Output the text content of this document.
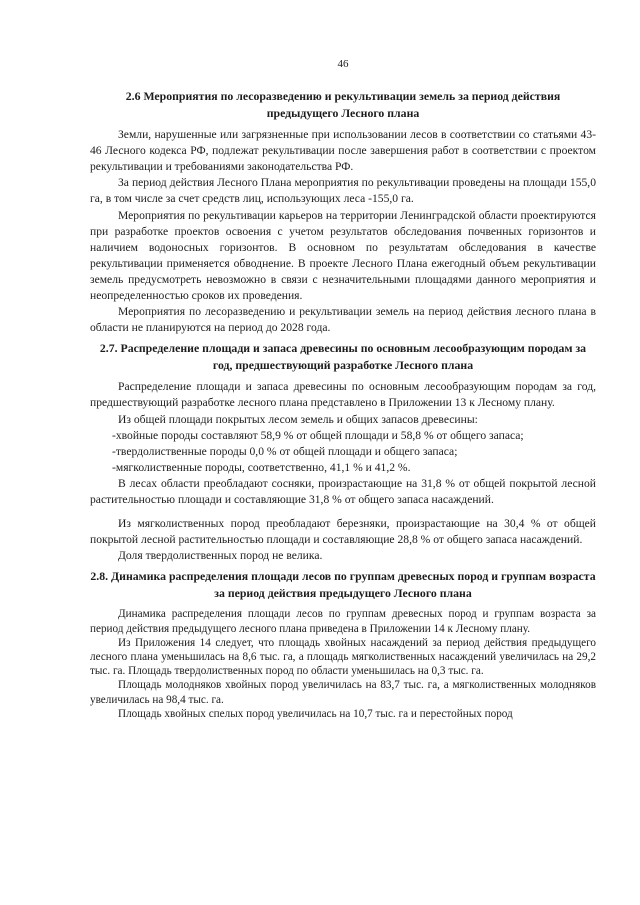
46
2.6 Мероприятия по лесоразведению и рекультивации земель за период действия предыдущего Лесного плана

Земли, нарушенные или загрязненные при использовании лесов в соответствии со статьями 43-46 Лесного кодекса РФ, подлежат рекультивации после завершения работ в соответствии с проектом рекультивации и требованиями законодательства РФ.

За период действия Лесного Плана мероприятия по рекультивации проведены на площади 155,0 га, в том числе за счет средств лиц, использующих леса -155,0 га.

Мероприятия по рекультивации карьеров на территории Ленинградской области проектируются при разработке проектов освоения с учетом результатов обследования почвенных горизонтов и наличием водоносных горизонтов. В основном по результатам обследования в качестве рекультивации применяется обводнение. В проекте Лесного Плана ежегодный объем рекультивации земель предусмотреть невозможно в связи с незначительными площадями данного мероприятия и неопределенностью сроков их проведения.

Мероприятия по лесоразведению и рекультивации земель на период действия лесного плана в области не планируются на период до 2028 года.

2.7. Распределение площади и запаса древесины по основным лесообразующим породам за год, предшествующий разработке Лесного плана

Распределение площади и запаса древесины по основным лесообразующим породам за год, предшествующий разработке лесного плана представлено в Приложении 13 к Лесному плану.

Из общей площади покрытых лесом земель и общих запасов древесины:

-хвойные породы составляют 58,9 % от общей площади и 58,8 % от общего запаса;

-твердолиственные породы 0,0 % от общей площади и общего запаса;

-мягколиственные породы, соответственно, 41,1 % и 41,2 %.

В лесах области преобладают сосняки, произрастающие на 31,8 % от общей покрытой лесной растительностью площади и составляющие 31,8 % от общего запаса насаждений.

Из мягколиственных пород преобладают березняки, произрастающие на 30,4 % от общей покрытой лесной растительностью площади и составляющие 28,8 % от общего запаса насаждений.

Доля твердолиственных пород не велика.

2.8. Динамика распределения площади лесов по группам древесных пород и группам возраста за период действия предыдущего Лесного плана

Динамика распределения площади лесов по группам древесных пород и группам возраста за период действия предыдущего лесного плана приведена в Приложении 14 к Лесному плану.

Из Приложения 14 следует, что площадь хвойных насаждений за период действия предыдущего лесного плана уменьшилась на 8,6 тыс. га, а площадь мягколиственных насаждений увеличилась на 29,2 тыс. га. Площадь твердолиственных пород по области уменьшилась на 0,3 тыс. га.

Площадь молодняков хвойных пород увеличилась на 83,7 тыс. га, а мягколиственных молодняков увеличилась на 98,4 тыс. га.

Площадь хвойных спелых пород увеличилась на 10,7 тыс. га и перестойных пород
